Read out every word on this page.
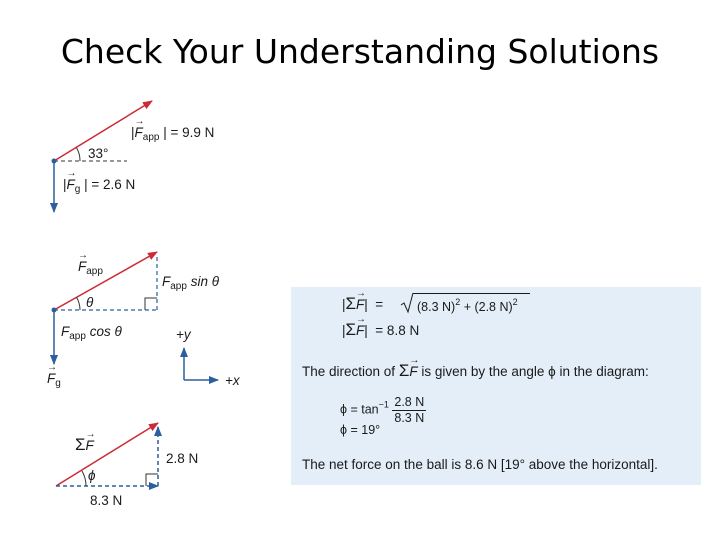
Check Your Understanding Solutions
|→ $F_{app}$ | = 9.9 N
33°
|→ $F_g$ | = 2.6 N
→ $F_{app}$
$F_{app}$ sin θ
θ
$F_{app}$ cos θ	+y
+x
→ $F_g$
Σ→ F
2.8 N
ϕ
8.3 N
|Σ→ F|  =	(8.3 N)$^2$ + (2.8 N)$^2$
|Σ→ F|  = 8.8 N
The direction of Σ→ F is given by the angle ϕ in the diagram:
$\phi = \tan^{-1} \frac{2.8 N}{8.3 N}$
ϕ = 19°
The net force on the ball is 8.6 N [19° above the horizontal].
